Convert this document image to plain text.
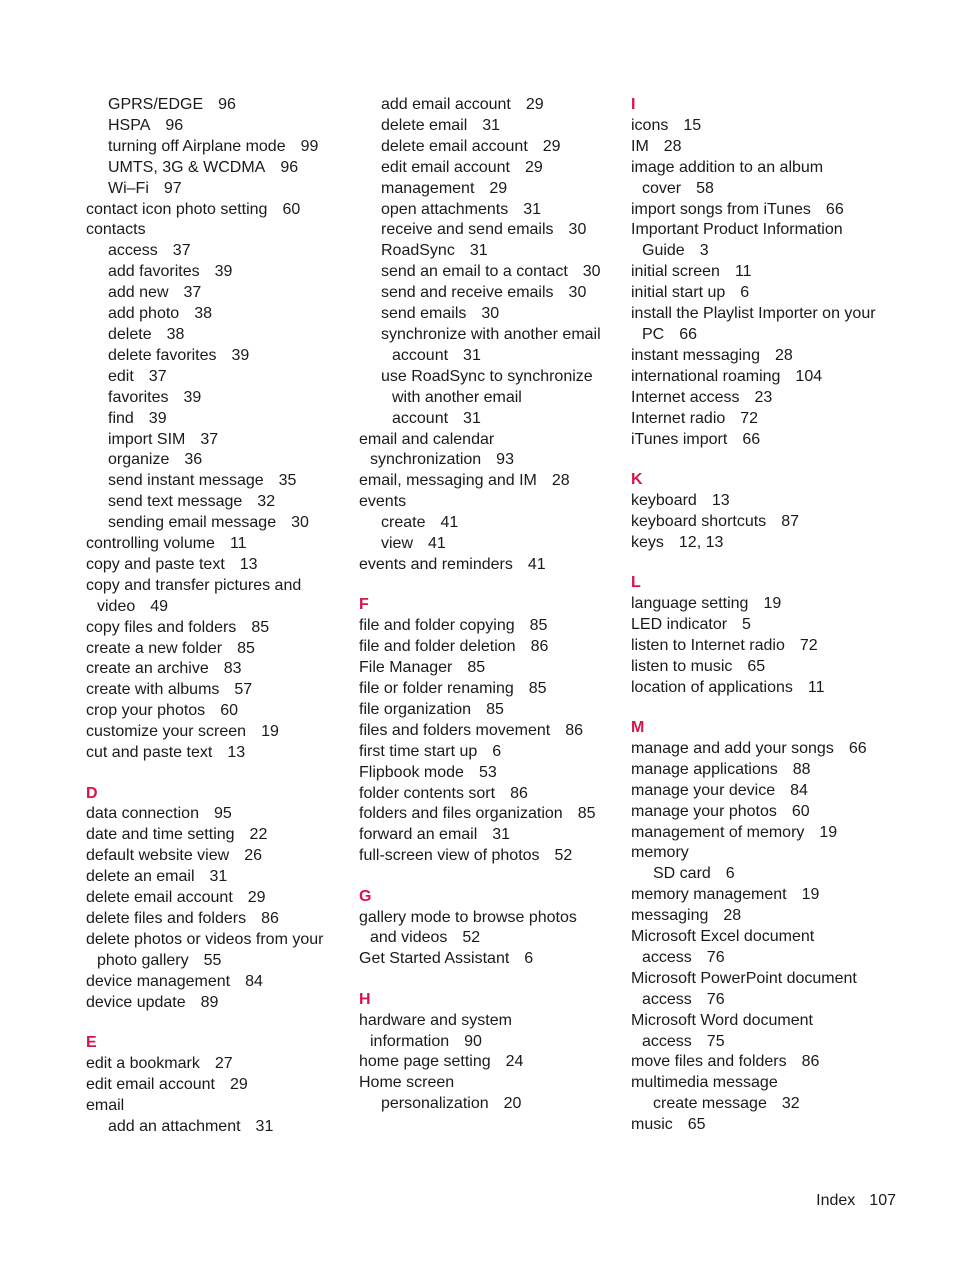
GPRS/EDGE 96
HSPA 96
turning off Airplane mode 99
UMTS, 3G & WCDMA 96
Wi–Fi 97
contact icon photo setting 60
contacts
access 37
add favorites 39
add new 37
add photo 38
delete 38
delete favorites 39
edit 37
favorites 39
find 39
import SIM 37
organize 36
send instant message 35
send text message 32
sending email message 30
controlling volume 11
copy and paste text 13
copy and transfer pictures and
video 49
copy files and folders 85
create a new folder 85
create an archive 83
create with albums 57
crop your photos 60
customize your screen 19
cut and paste text 13
D
data connection 95
date and time setting 22
default website view 26
delete an email 31
delete email account 29
delete files and folders 86
delete photos or videos from your
photo gallery 55
device management 84
device update 89
E
edit a bookmark 27
edit email account 29
email
add an attachment 31
add email account 29
delete email 31
delete email account 29
edit email account 29
management 29
open attachments 31
receive and send emails 30
RoadSync 31
send an email to a contact 30
send and receive emails 30
send emails 30
synchronize with another email
account 31
use RoadSync to synchronize
with another email
account 31
email and calendar
synchronization 93
email, messaging and IM 28
events
create 41
view 41
events and reminders 41
F
file and folder copying 85
file and folder deletion 86
File Manager 85
file or folder renaming 85
file organization 85
files and folders movement 86
first time start up 6
Flipbook mode 53
folder contents sort 86
folders and files organization 85
forward an email 31
full-screen view of photos 52
G
gallery mode to browse photos
and videos 52
Get Started Assistant 6
H
hardware and system
information 90
home page setting 24
Home screen
personalization 20
I
icons 15
IM 28
image addition to an album
cover 58
import songs from iTunes 66
Important Product Information
Guide 3
initial screen 11
initial start up 6
install the Playlist Importer on your
PC 66
instant messaging 28
international roaming 104
Internet access 23
Internet radio 72
iTunes import 66
K
keyboard 13
keyboard shortcuts 87
keys 12, 13
L
language setting 19
LED indicator 5
listen to Internet radio 72
listen to music 65
location of applications 11
M
manage and add your songs 66
manage applications 88
manage your device 84
manage your photos 60
management of memory 19
memory
SD card 6
memory management 19
messaging 28
Microsoft Excel document
access 76
Microsoft PowerPoint document
access 76
Microsoft Word document
access 75
move files and folders 86
multimedia message
create message 32
music 65
Index 107
